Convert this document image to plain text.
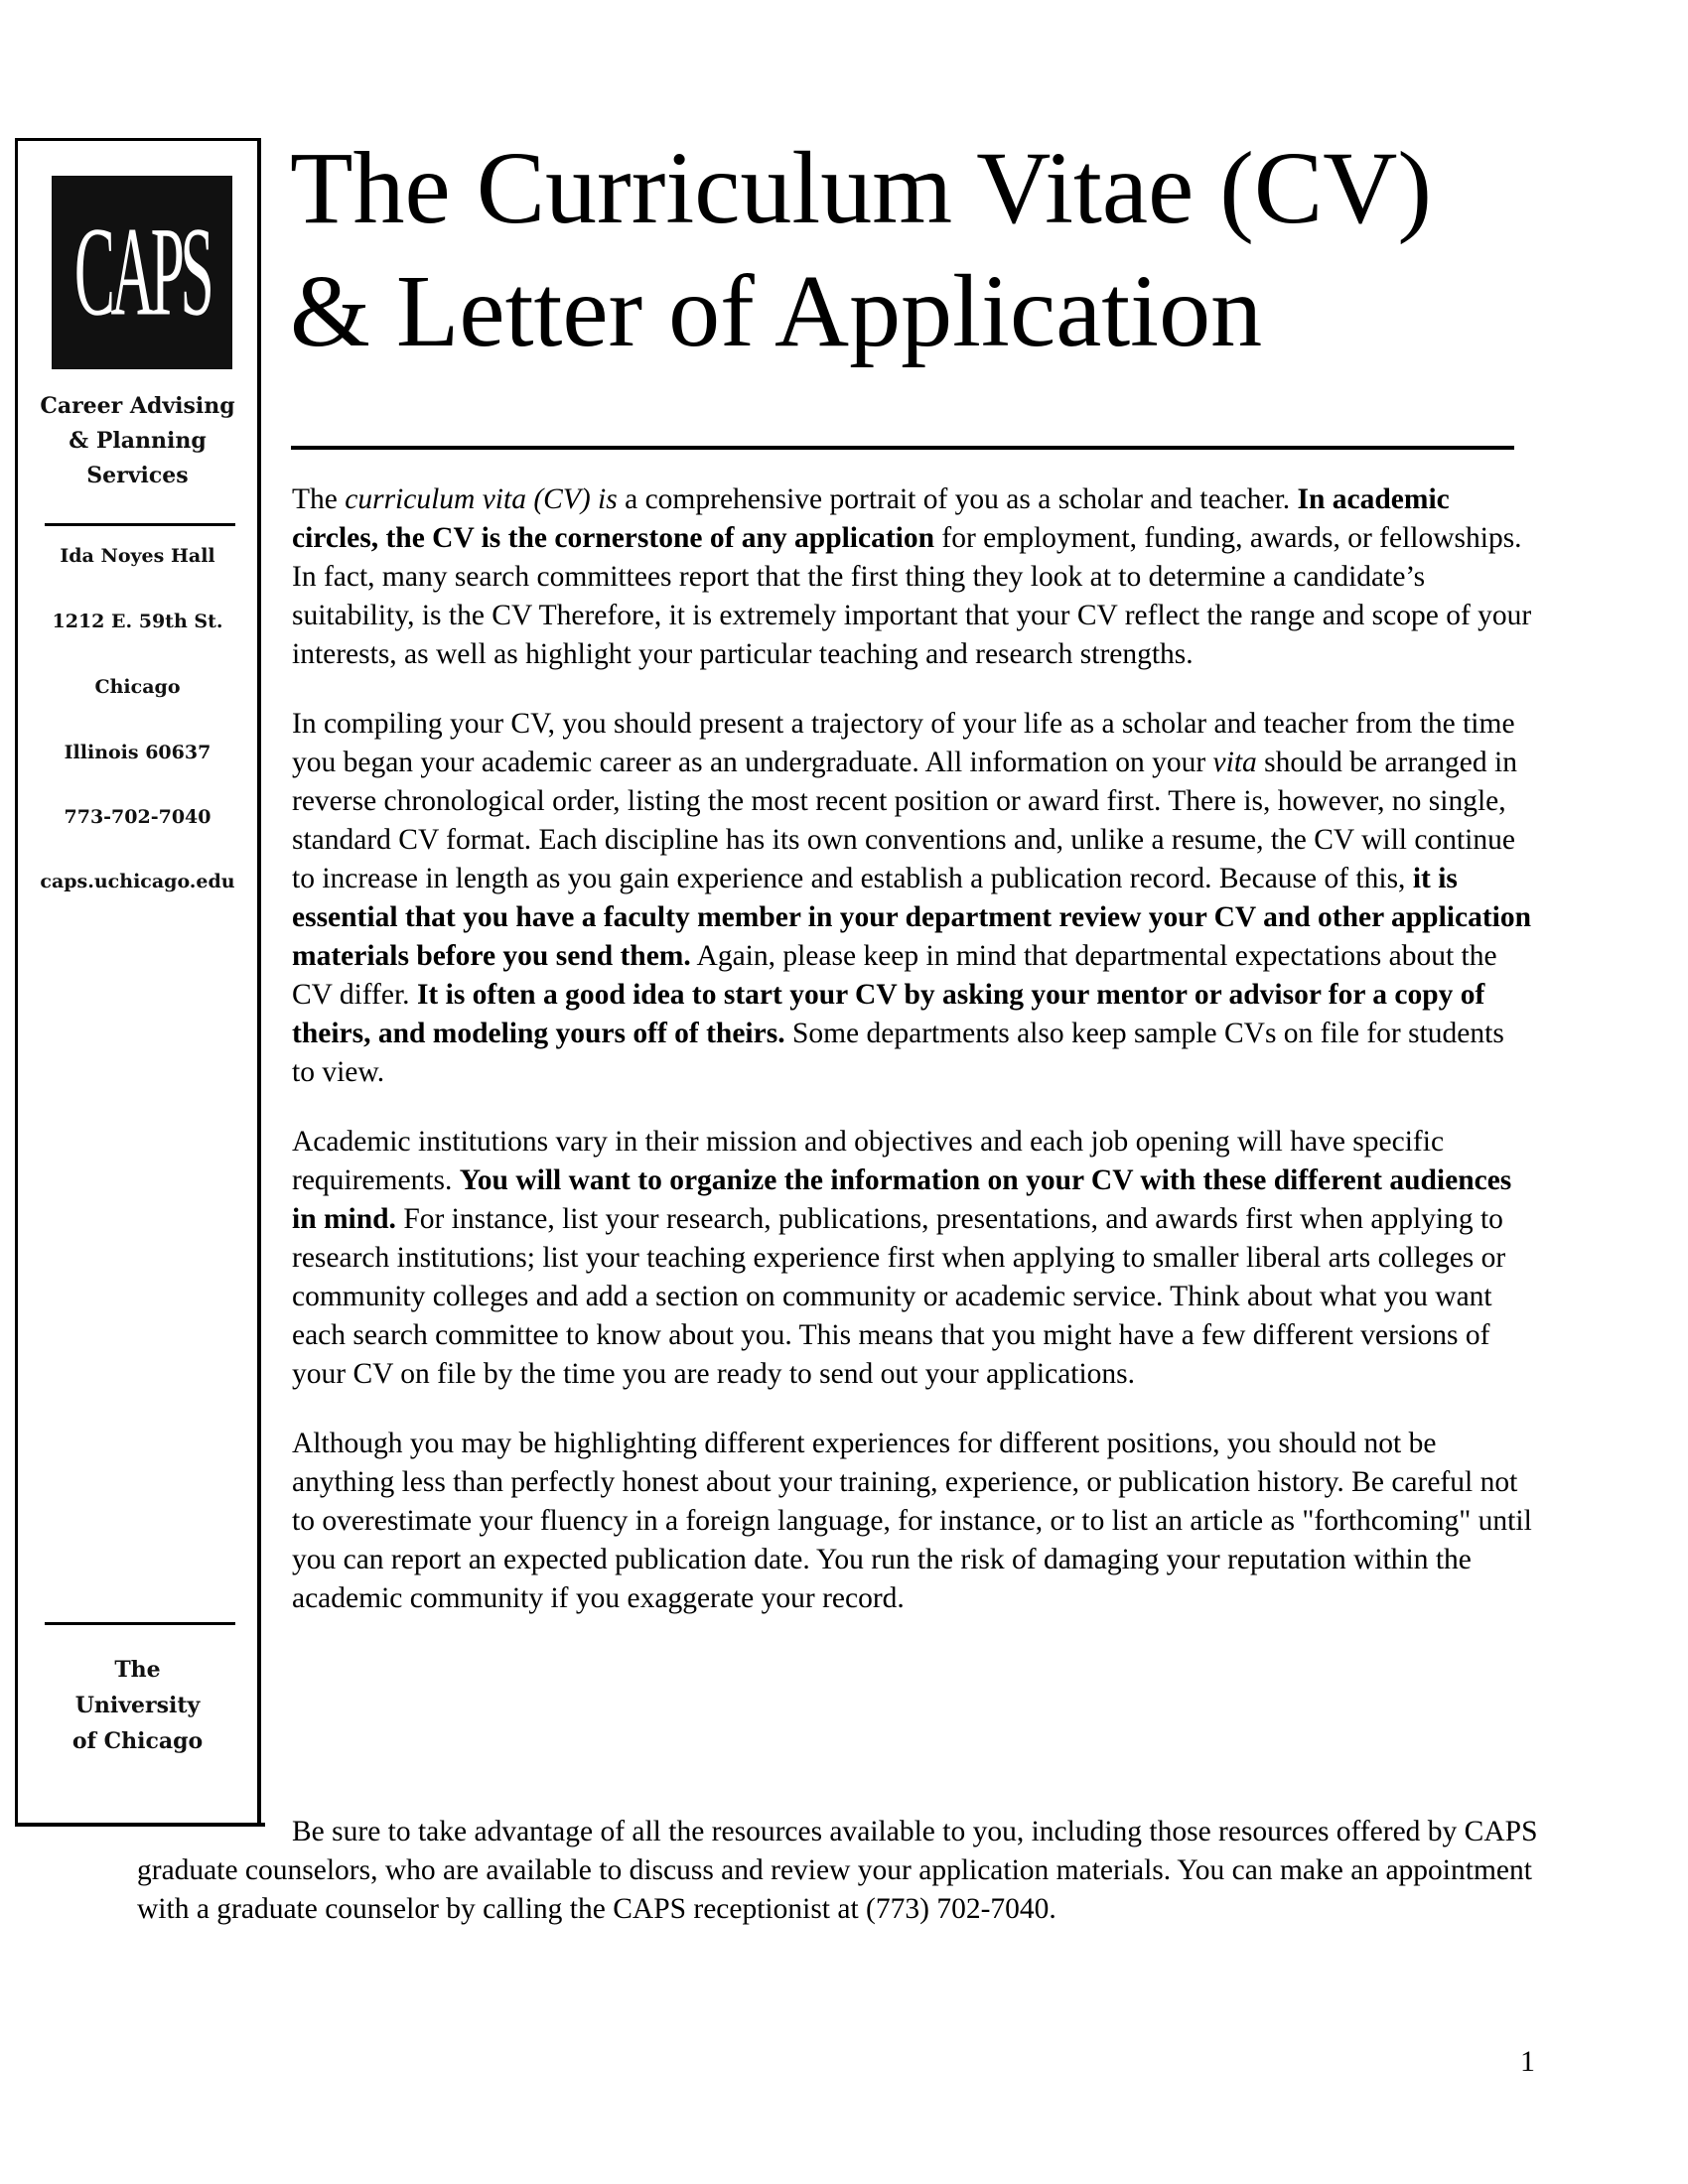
CAPS
Career Advising
& Planning
Services
Ida Noyes Hall
1212 E. 59th St.
Chicago
Illinois 60637
773-702-7040
caps.uchicago.edu
The
University
of Chicago
The Curriculum Vitae (CV)
& Letter of Application

The curriculum vita (CV) is a comprehensive portrait of you as a scholar and teacher. In academic circles, the CV is the cornerstone of any application for employment, funding, awards, or fellowships. In fact, many search committees report that the first thing they look at to determine a candidate’s suitability, is the CV Therefore, it is extremely important that your CV reflect the range and scope of your interests, as well as highlight your particular teaching and research strengths.

In compiling your CV, you should present a trajectory of your life as a scholar and teacher from the time you began your academic career as an undergraduate. All information on your vita should be arranged in reverse chronological order, listing the most recent position or award first. There is, however, no single, standard CV format. Each discipline has its own conventions and, unlike a resume, the CV will continue to increase in length as you gain experience and establish a publication record. Because of this, it is essential that you have a faculty member in your department review your CV and other application materials before you send them. Again, please keep in mind that departmental expectations about the CV differ. It is often a good idea to start your CV by asking your mentor or advisor for a copy of theirs, and modeling yours off of theirs. Some departments also keep sample CVs on file for students to view.

Academic institutions vary in their mission and objectives and each job opening will have specific requirements. You will want to organize the information on your CV with these different audiences in mind. For instance, list your research, publications, presentations, and awards first when applying to research institutions; list your teaching experience first when applying to smaller liberal arts colleges or community colleges and add a section on community or academic service. Think about what you want each search committee to know about you. This means that you might have a few different versions of your CV on file by the time you are ready to send out your applications.

Although you may be highlighting different experiences for different positions, you should not be anything less than perfectly honest about your training, experience, or publication history. Be careful not to overestimate your fluency in a foreign language, for instance, or to list an article as "forthcoming" until you can report an expected publication date. You run the risk of damaging your reputation within the academic community if you exaggerate your record.

Be sure to take advantage of all the resources available to you, including those resources offered by CAPS graduate counselors, who are available to discuss and review your application materials. You can make an appointment with a graduate counselor by calling the CAPS receptionist at (773) 702-7040.

1
